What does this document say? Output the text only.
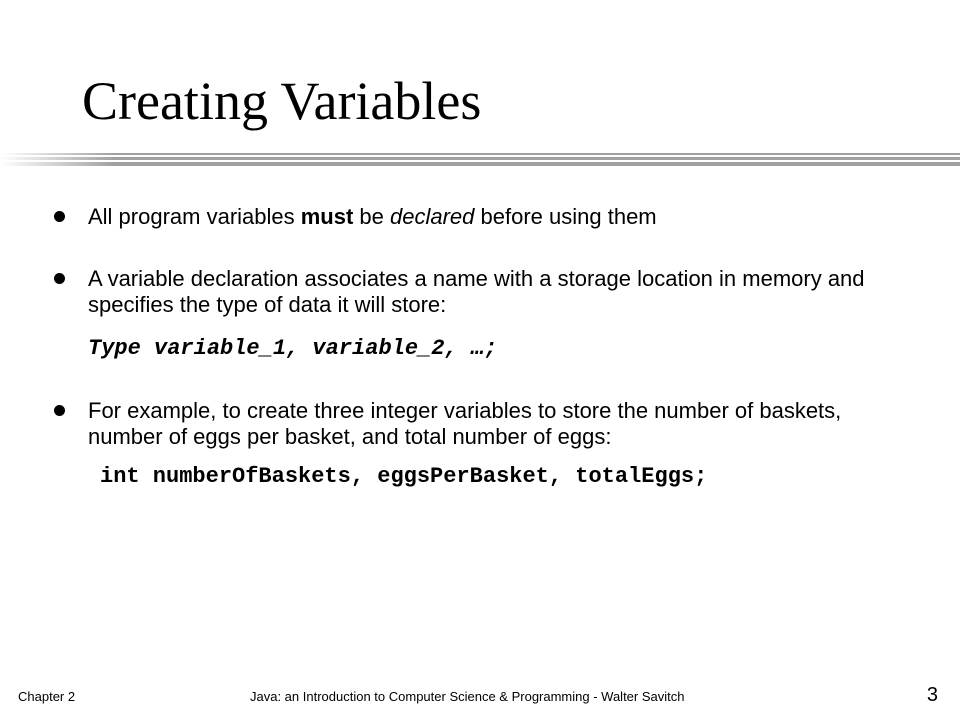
Creating Variables
All program variables must be declared before using them
A variable declaration associates a name with a storage location in memory and specifies the type of data it will store:
Type variable_1, variable_2, …;
For example, to create three integer variables to store the number of baskets, number of eggs per basket, and total number of eggs:
int numberOfBaskets, eggsPerBasket, totalEggs;
Chapter 2	Java: an Introduction to Computer Science & Programming - Walter Savitch	3
